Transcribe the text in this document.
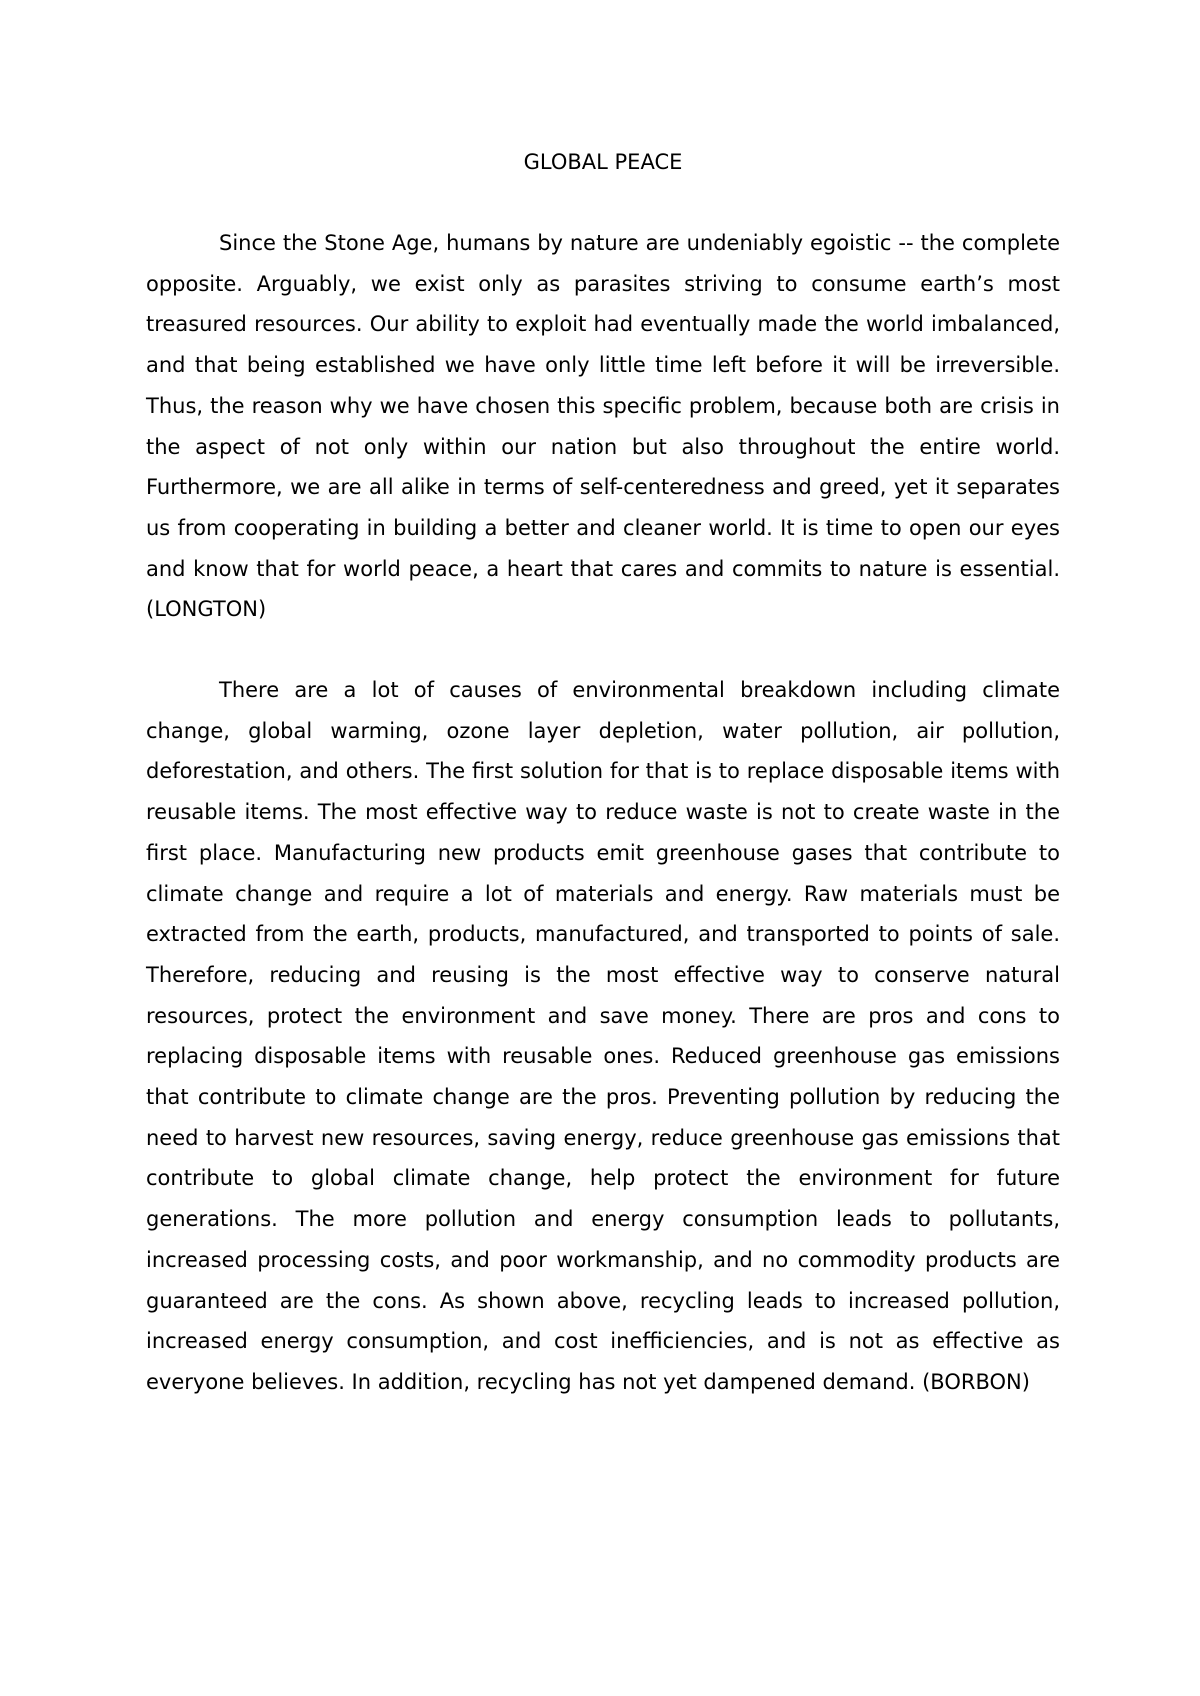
GLOBAL PEACE

Since the Stone Age, humans by nature are undeniably egoistic -- the complete opposite. Arguably, we exist only as parasites striving to consume earth’s most treasured resources. Our ability to exploit had eventually made the world imbalanced, and that being established we have only little time left before it will be irreversible. Thus, the reason why we have chosen this specific problem, because both are crisis in the aspect of not only within our nation but also throughout the entire world. Furthermore, we are all alike in terms of self-centeredness and greed, yet it separates us from cooperating in building a better and cleaner world. It is time to open our eyes and know that for world peace, a heart that cares and commits to nature is essential. (LONGTON)

There are a lot of causes of environmental breakdown including climate change, global warming, ozone layer depletion, water pollution, air pollution, deforestation, and others. The first solution for that is to replace disposable items with reusable items. The most effective way to reduce waste is not to create waste in the first place. Manufacturing new products emit greenhouse gases that contribute to climate change and require a lot of materials and energy. Raw materials must be extracted from the earth, products, manufactured, and transported to points of sale. Therefore, reducing and reusing is the most effective way to conserve natural resources, protect the environment and save money. There are pros and cons to replacing disposable items with reusable ones. Reduced greenhouse gas emissions that contribute to climate change are the pros. Preventing pollution by reducing the need to harvest new resources, saving energy, reduce greenhouse gas emissions that contribute to global climate change, help protect the environment for future generations. The more pollution and energy consumption leads to pollutants, increased processing costs, and poor workmanship, and no commodity products are guaranteed are the cons. As shown above, recycling leads to increased pollution, increased energy consumption, and cost inefficiencies, and is not as effective as everyone believes. In addition, recycling has not yet dampened demand. (BORBON)
